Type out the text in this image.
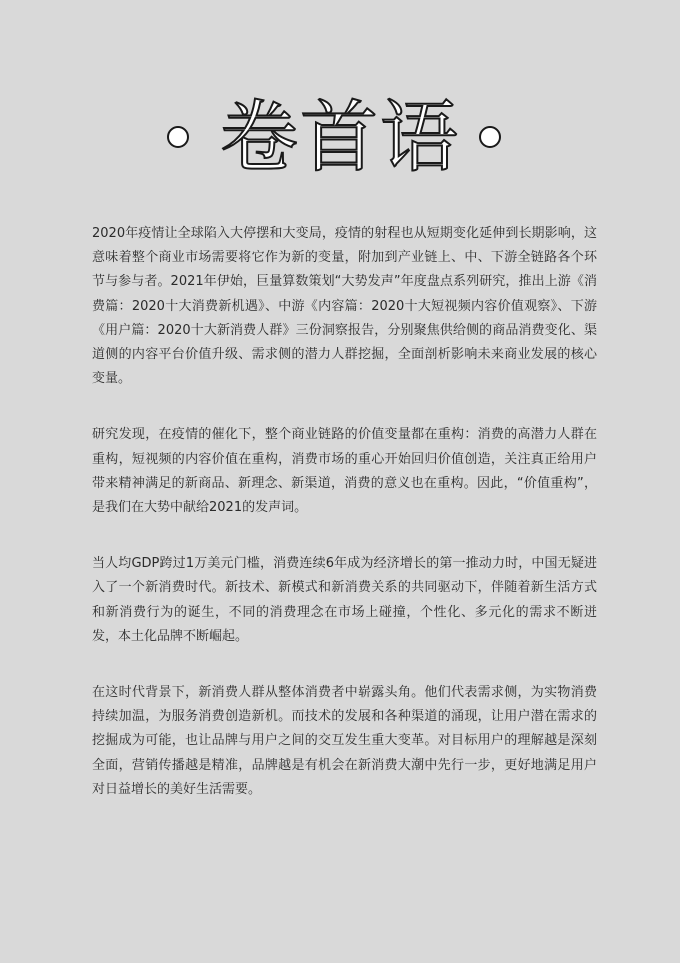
卷首语

2020年疫情让全球陷入大停摆和大变局，疫情的射程也从短期变化延伸到长期影响，这意味着整个商业市场需要将它作为新的变量，附加到产业链上、中、下游全链路各个环节与参与者。2021年伊始，巨量算数策划“大势发声”年度盘点系列研究，推出上游《消费篇：2020十大消费新机遇》、中游《内容篇：2020十大短视频内容价值观察》、下游《用户篇：2020十大新消费人群》三份洞察报告，分别聚焦供给侧的商品消费变化、渠道侧的内容平台价值升级、需求侧的潜力人群挖掘，全面剖析影响未来商业发展的核心变量。

研究发现，在疫情的催化下，整个商业链路的价值变量都在重构：消费的高潜力人群在重构，短视频的内容价值在重构，消费市场的重心开始回归价值创造，关注真正给用户带来精神满足的新商品、新理念、新渠道，消费的意义也在重构。因此，“价值重构”，是我们在大势中献给2021的发声词。

当人均GDP跨过1万美元门槛，消费连续6年成为经济增长的第一推动力时，中国无疑进入了一个新消费时代。新技术、新模式和新消费关系的共同驱动下，伴随着新生活方式和新消费行为的诞生，不同的消费理念在市场上碰撞，个性化、多元化的需求不断迸发，本土化品牌不断崛起。

在这时代背景下，新消费人群从整体消费者中崭露头角。他们代表需求侧，为实物消费持续加温，为服务消费创造新机。而技术的发展和各种渠道的涌现，让用户潜在需求的挖掘成为可能，也让品牌与用户之间的交互发生重大变革。对目标用户的理解越是深刻全面，营销传播越是精准，品牌越是有机会在新消费大潮中先行一步，更好地满足用户对日益增长的美好生活需要。
